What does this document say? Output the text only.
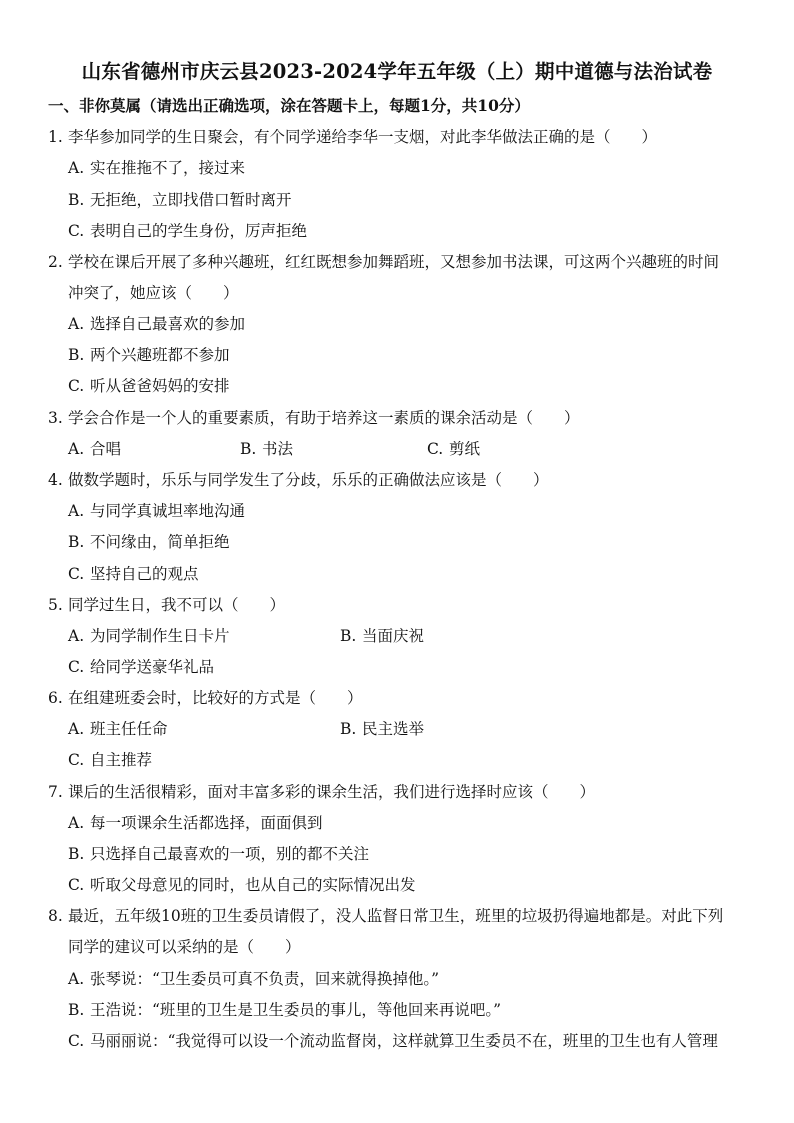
山东省德州市庆云县2023-2024学年五年级（上）期中道德与法治试卷
一、非你莫属（请选出正确选项，涂在答题卡上，每题1分，共10分）
1. 李华参加同学的生日聚会，有个同学递给李华一支烟，对此李华做法正确的是（　　）
A. 实在推拖不了，接过来
B. 无拒绝，立即找借口暂时离开
C. 表明自己的学生身份，厉声拒绝
2. 学校在课后开展了多种兴趣班，红红既想参加舞蹈班，又想参加书法课，可这两个兴趣班的时间
冲突了，她应该（　　）
A. 选择自己最喜欢的参加
B. 两个兴趣班都不参加
C. 听从爸爸妈妈的安排
3. 学会合作是一个人的重要素质，有助于培养这一素质的课余活动是（　　）
A. 合唱	B. 书法	C. 剪纸
4. 做数学题时，乐乐与同学发生了分歧，乐乐的正确做法应该是（　　）
A. 与同学真诚坦率地沟通
B. 不问缘由，简单拒绝
C. 坚持自己的观点
5. 同学过生日，我不可以（　　）
A. 为同学制作生日卡片	B. 当面庆祝
C. 给同学送豪华礼品
6. 在组建班委会时，比较好的方式是（　　）
A. 班主任任命	B. 民主选举
C. 自主推荐
7. 课后的生活很精彩，面对丰富多彩的课余生活，我们进行选择时应该（　　）
A. 每一项课余生活都选择，面面俱到
B. 只选择自己最喜欢的一项，别的都不关注
C. 听取父母意见的同时，也从自己的实际情况出发
8. 最近，五年级10班的卫生委员请假了，没人监督日常卫生，班里的垃圾扔得遍地都是。对此下列
同学的建议可以采纳的是（　　）
A. 张琴说：“卫生委员可真不负责，回来就得换掉他。”
B. 王浩说：“班里的卫生是卫生委员的事儿，等他回来再说吧。”
C. 马丽丽说：“我觉得可以设一个流动监督岗，这样就算卫生委员不在，班里的卫生也有人管理
